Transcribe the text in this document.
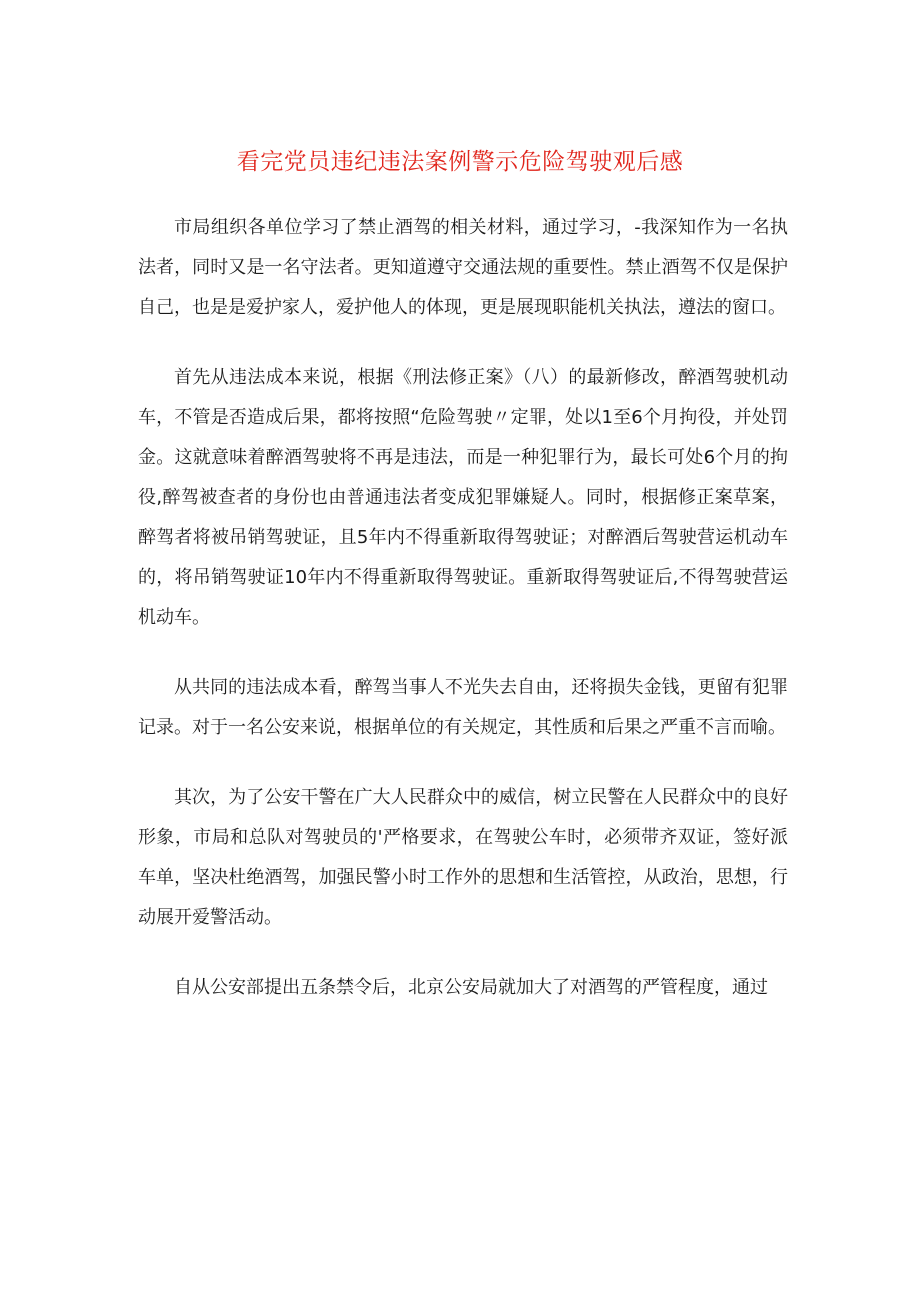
看完党员违纪违法案例警示危险驾驶观后感

市局组织各单位学习了禁止酒驾的相关材料，通过学习，-我深知作为一名执法者，同时又是一名守法者。更知道遵守交通法规的重要性。禁止酒驾不仅是保护自己，也是是爱护家人，爱护他人的体现，更是展现职能机关执法，遵法的窗口。

首先从违法成本来说，根据《刑法修正案》（八）的最新修改，醉酒驾驶机动车，不管是否造成后果，都将按照“危险驾驶〃定罪，处以1至6个月拘役，并处罚金。这就意味着醉酒驾驶将不再是违法，而是一种犯罪行为，最长可处6个月的拘役,醉驾被查者的身份也由普通违法者变成犯罪嫌疑人。同时，根据修正案草案，醉驾者将被吊销驾驶证，且5年内不得重新取得驾驶证；对醉酒后驾驶营运机动车的，将吊销驾驶证10年内不得重新取得驾驶证。重新取得驾驶证后,不得驾驶营运机动车。

从共同的违法成本看，醉驾当事人不光失去自由，还将损失金钱，更留有犯罪记录。对于一名公安来说，根据单位的有关规定，其性质和后果之严重不言而喻。

其次，为了公安干警在广大人民群众中的威信，树立民警在人民群众中的良好形象，市局和总队对驾驶员的'严格要求，在驾驶公车时，必须带齐双证，签好派车单，坚决杜绝酒驾，加强民警小时工作外的思想和生活管控，从政治，思想，行动展开爱警活动。

自从公安部提出五条禁令后，北京公安局就加大了对酒驾的严管程度，通过
